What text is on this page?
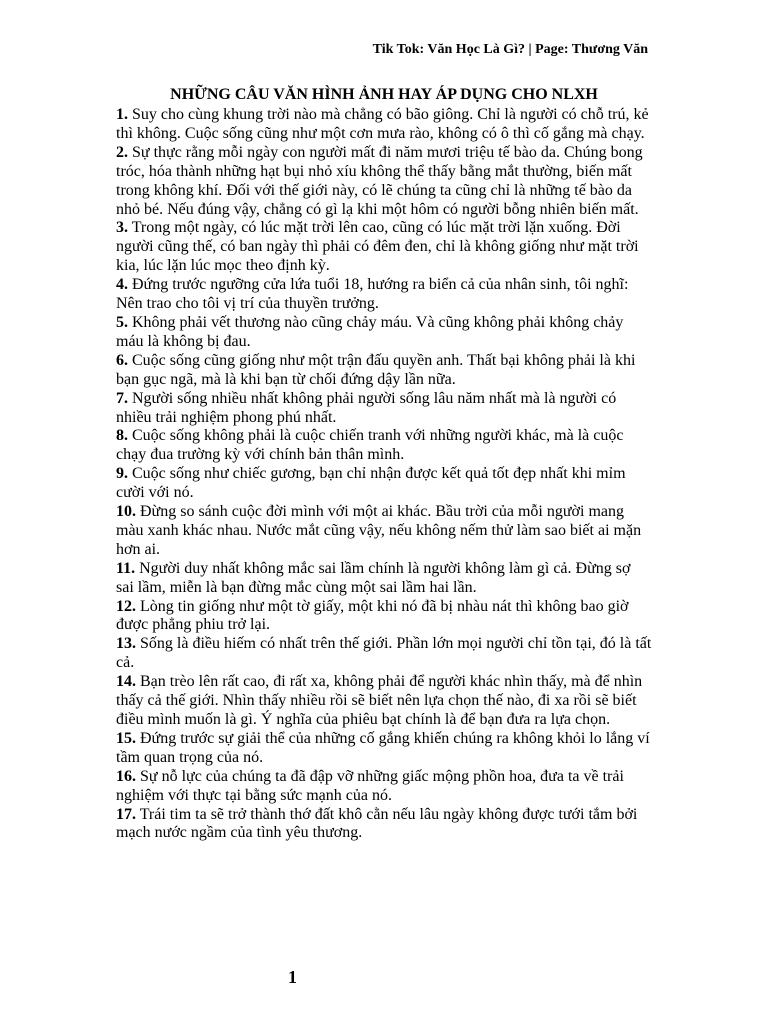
Tik Tok: Văn Học Là Gì? | Page: Thương Văn
NHỮNG CÂU VĂN HÌNH ẢNH HAY ÁP DỤNG CHO NLXH

1. Suy cho cùng khung trời nào mà chẳng có bão giông. Chỉ là người có chỗ trú, kẻ thì không. Cuộc sống cũng như một cơn mưa rào, không có ô thì cố gắng mà chạy.

2. Sự thực rằng mỗi ngày con người mất đi năm mươi triệu tế bào da. Chúng bong tróc, hóa thành những hạt bụi nhỏ xíu không thể thấy bằng mắt thường, biến mất trong không khí. Đối với thế giới này, có lẽ chúng ta cũng chỉ là những tế bào da nhỏ bé. Nếu đúng vậy, chẳng có gì lạ khi một hôm có người bỗng nhiên biến mất.

3. Trong một ngày, có lúc mặt trời lên cao, cũng có lúc mặt trời lặn xuống. Đời người cũng thế, có ban ngày thì phải có đêm đen, chỉ là không giống như mặt trời kia, lúc lặn lúc mọc theo định kỳ.

4. Đứng trước ngưỡng cửa lứa tuổi 18, hướng ra biển cả của nhân sinh, tôi nghĩ: Nên trao cho tôi vị trí của thuyền trưởng.

5. Không phải vết thương nào cũng chảy máu. Và cũng không phải không chảy máu là không bị đau.

6. Cuộc sống cũng giống như một trận đấu quyền anh. Thất bại không phải là khi bạn gục ngã, mà là khi bạn từ chối đứng dậy lần nữa.

7. Người sống nhiều nhất không phải người sống lâu năm nhất mà là người có nhiều trải nghiệm phong phú nhất.

8. Cuộc sống không phải là cuộc chiến tranh với những người khác, mà là cuộc chạy đua trường kỳ với chính bản thân mình.

9. Cuộc sống như chiếc gương, bạn chỉ nhận được kết quả tốt đẹp nhất khi mỉm cười với nó.

10. Đừng so sánh cuộc đời mình với một ai khác. Bầu trời của mỗi người mang màu xanh khác nhau. Nước mắt cũng vậy, nếu không nếm thử làm sao biết ai mặn hơn ai.

11. Người duy nhất không mắc sai lầm chính là người không làm gì cả. Đừng sợ sai lầm, miễn là bạn đừng mắc cùng một sai lầm hai lần.

12. Lòng tin giống như một tờ giấy, một khi nó đã bị nhàu nát thì không bao giờ được phẳng phiu trở lại.

13. Sống là điều hiếm có nhất trên thế giới. Phần lớn mọi người chỉ tồn tại, đó là tất cả.

14. Bạn trèo lên rất cao, đi rất xa, không phải để người khác nhìn thấy, mà để nhìn thấy cả thế giới. Nhìn thấy nhiều rồi sẽ biết nên lựa chọn thế nào, đi xa rồi sẽ biết điều mình muốn là gì. Ý nghĩa của phiêu bạt chính là để bạn đưa ra lựa chọn.

15. Đứng trước sự giải thể của những cố gắng khiến chúng ra không khỏi lo lắng ví tầm quan trọng của nó.

16. Sự nỗ lực của chúng ta đã đập vỡ những giấc mộng phồn hoa, đưa ta về trải nghiệm với thực tại bằng sức mạnh của nó.

17. Trái tim ta sẽ trở thành thớ đất khô cằn nếu lâu ngày không được tưới tắm bởi mạch nước ngầm của tình yêu thương.

1
